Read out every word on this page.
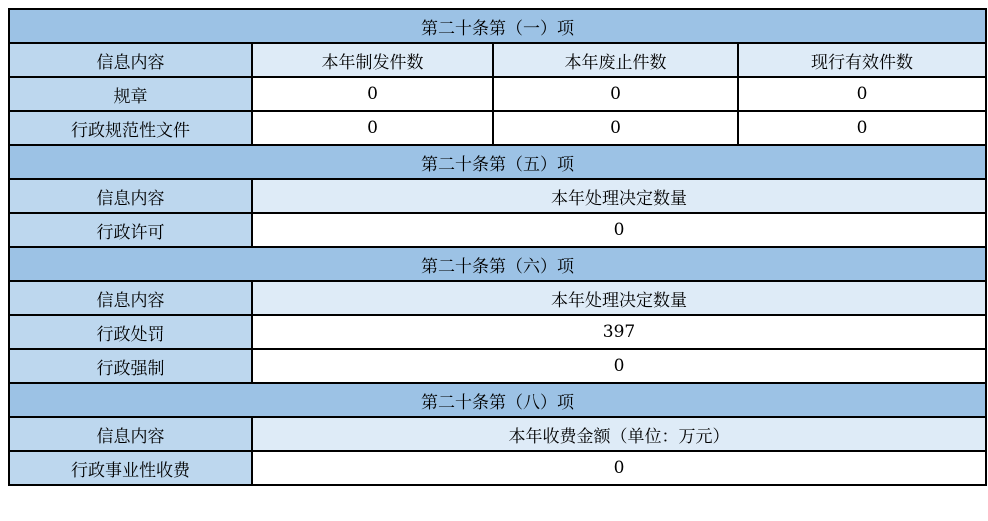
第二十条第（一）项			
信息内容	本年制发件数	本年废止件数	现行有效件数
规章	0	0	0
行政规范性文件	0	0	0
第二十条第（五）项			
信息内容	本年处理决定数量		
行政许可	0		
第二十条第（六）项			
信息内容	本年处理决定数量		
行政处罚	397		
行政强制	0		
第二十条第（八）项			
信息内容	本年收费金额（单位：万元）		
行政事业性收费	0		
